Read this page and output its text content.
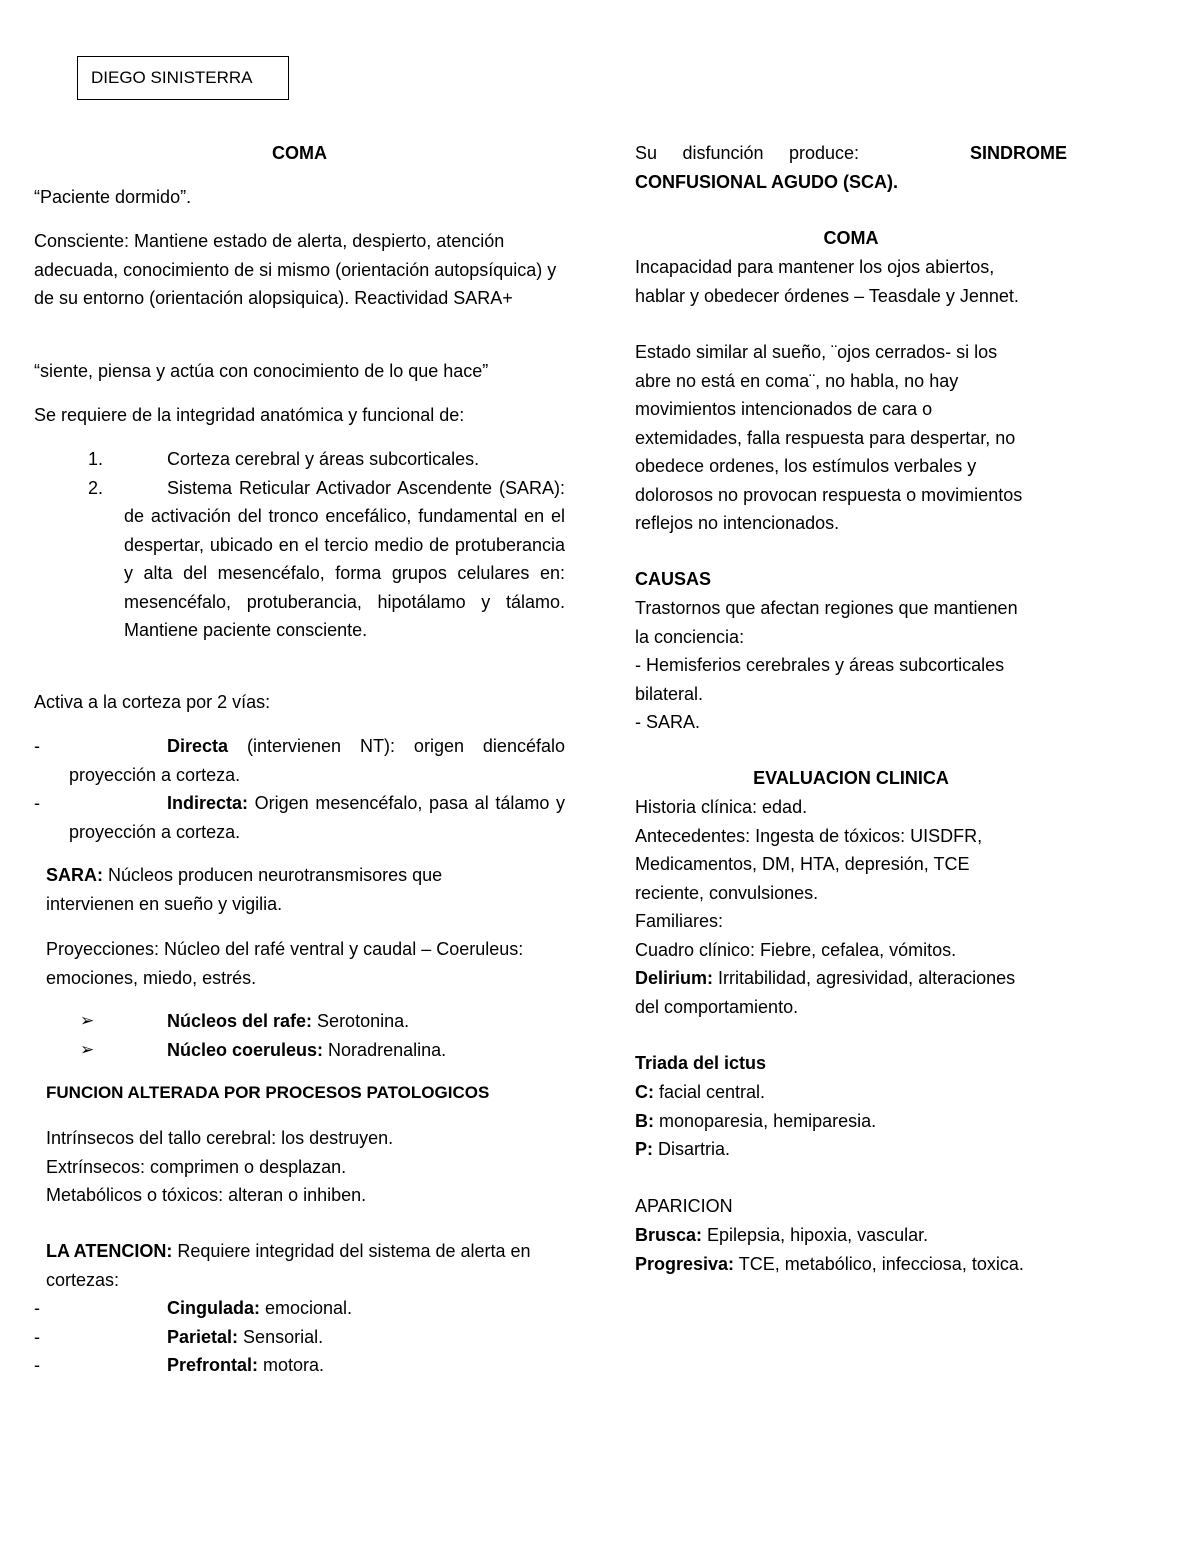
DIEGO SINISTERRA

COMA

“Paciente dormido”.

Consciente: Mantiene estado de alerta, despierto, atención adecuada, conocimiento de si mismo (orientación autopsíquica) y de su entorno (orientación alopsiquica). Reactividad SARA+

“siente, piensa y actúa con conocimiento de lo que hace”

Se requiere de la integridad anatómica y funcional de:

1.	Corteza cerebral y áreas subcorticales.

2.	Sistema Reticular Activador Ascendente (SARA): de activación del tronco encefálico, fundamental en el despertar, ubicado en el tercio medio de protuberancia y alta del mesencéfalo, forma grupos celulares en: mesencéfalo, protuberancia, hipotálamo y tálamo. Mantiene paciente consciente.

Activa a la corteza por 2 vías:

-	Directa (intervienen NT): origen diencéfalo proyección a corteza.

-	Indirecta: Origen mesencéfalo, pasa al tálamo y proyección a corteza.

SARA: Núcleos producen neurotransmisores que intervienen en sueño y vigilia.

Proyecciones: Núcleo del rafé ventral y caudal – Coeruleus: emociones, miedo, estrés.

➢	Núcleos del rafe: Serotonina.

➢	Núcleo coeruleus: Noradrenalina.

FUNCION ALTERADA POR PROCESOS PATOLOGICOS

Intrínsecos del tallo cerebral: los destruyen.

Extrínsecos: comprimen o desplazan.

Metabólicos o tóxicos: alteran o inhiben.

LA ATENCION: Requiere integridad del sistema de alerta en cortezas:

-	Cingulada: emocional.

-	Parietal: Sensorial.

-	Prefrontal: motora.

Su disfunción produce:	SINDROME

CONFUSIONAL AGUDO (SCA).

COMA

Incapacidad para mantener los ojos abiertos,

hablar y obedecer órdenes – Teasdale y Jennet.

Estado similar al sueño, ¨ojos cerrados- si los

abre no está en coma¨, no habla, no hay

movimientos intencionados de cara o

extemidades, falla respuesta para despertar, no

obedece ordenes, los estímulos verbales y

dolorosos no provocan respuesta o movimientos

reflejos no intencionados.

CAUSAS

Trastornos que afectan regiones que mantienen

la conciencia:

- Hemisferios cerebrales y áreas subcorticales

bilateral.

- SARA.

EVALUACION CLINICA

Historia clínica: edad.

Antecedentes: Ingesta de tóxicos: UISDFR,

Medicamentos, DM, HTA, depresión, TCE

reciente, convulsiones.

Familiares:

Cuadro clínico: Fiebre, cefalea, vómitos.

Delirium: Irritabilidad, agresividad, alteraciones

del comportamiento.

Triada del ictus

C: facial central.

B: monoparesia, hemiparesia.

P: Disartria.

APARICION

Brusca: Epilepsia, hipoxia, vascular.

Progresiva: TCE, metabólico, infecciosa, toxica.
